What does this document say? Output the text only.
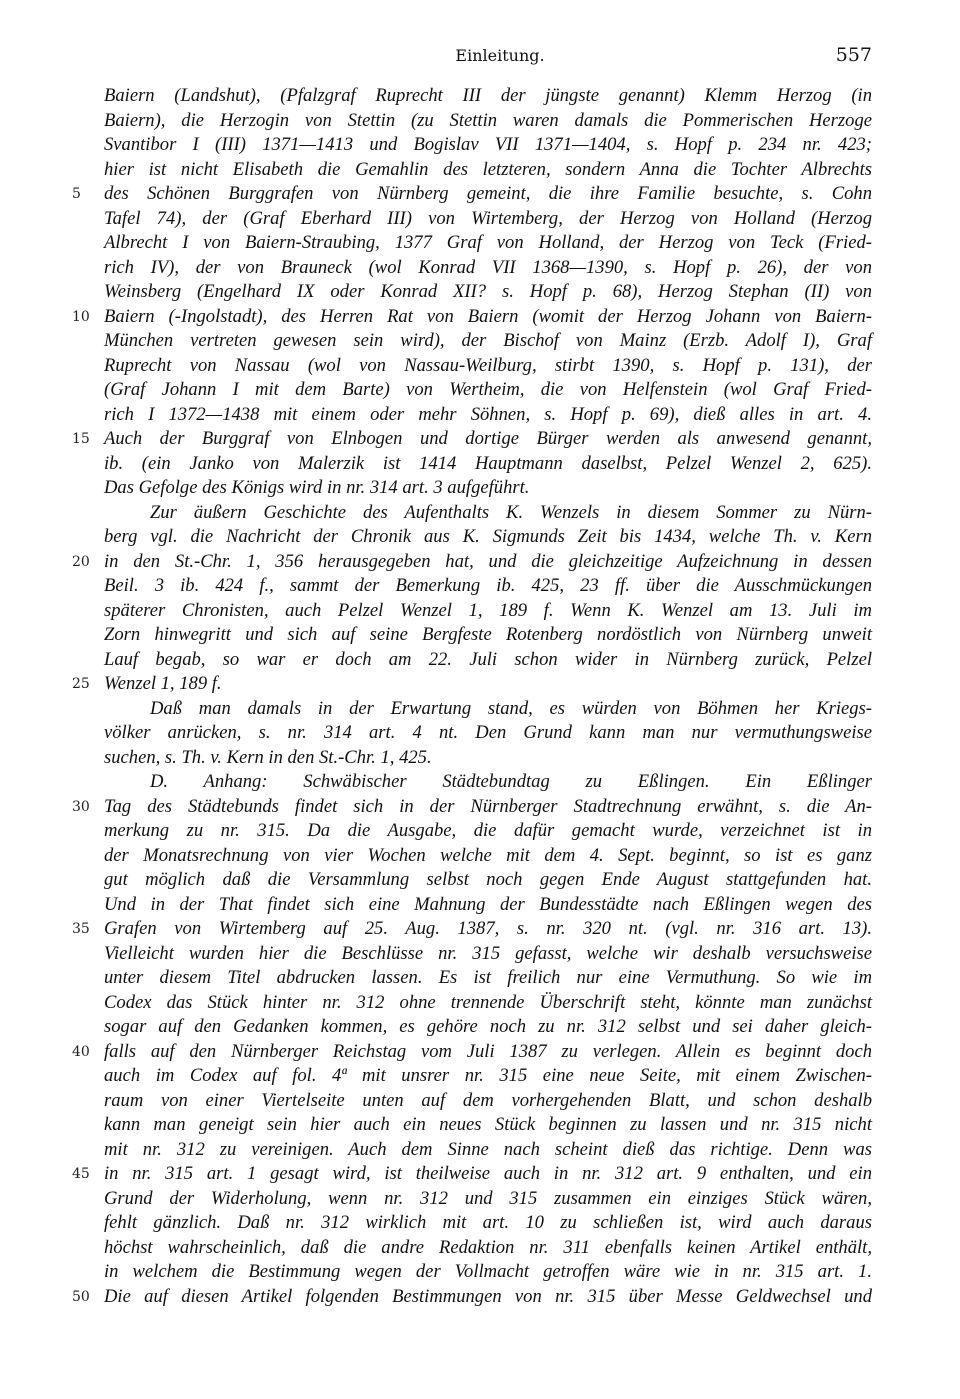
Einleitung.	557
Baiern (Landshut), (Pfalzgraf Ruprecht III der jüngste genannt) Klemm Herzog (in
Baiern), die Herzogin von Stettin (zu Stettin waren damals die Pommerischen Herzoge
Svantibor I (III) 1371—1413 und Bogislav VII 1371—1404, s. Hopf p. 234 nr. 423;
hier ist nicht Elisabeth die Gemahlin des letzteren, sondern Anna die Tochter Albrechts
5	des Schönen Burggrafen von Nürnberg gemeint, die ihre Familie besuchte, s. Cohn
Tafel 74), der (Graf Eberhard III) von Wirtemberg, der Herzog von Holland (Herzog
Albrecht I von Baiern-Straubing, 1377 Graf von Holland, der Herzog von Teck (Fried-
rich IV), der von Brauneck (wol Konrad VII 1368—1390, s. Hopf p. 26), der von
Weinsberg (Engelhard IX oder Konrad XII? s. Hopf p. 68), Herzog Stephan (II) von
10 Baiern (-Ingolstadt), des Herren Rat von Baiern (womit der Herzog Johann von Baiern-
München vertreten gewesen sein wird), der Bischof von Mainz (Erzb. Adolf I), Graf
Ruprecht von Nassau (wol von Nassau-Weilburg, stirbt 1390, s. Hopf p. 131), der
(Graf Johann I mit dem Barte) von Wertheim, die von Helfenstein (wol Graf Fried-
rich I 1372—1438 mit einem oder mehr Söhnen, s. Hopf p. 69), dieß alles in art. 4.
15 Auch der Burggraf von Elnbogen und dortige Bürger werden als anwesend genannt,
ib. (ein Janko von Malerzik ist 1414 Hauptmann daselbst, Pelzel Wenzel 2, 625).
Das Gefolge des Königs wird in nr. 314 art. 3 aufgeführt.
Zur äußern Geschichte des Aufenthalts K. Wenzels in diesem Sommer zu Nürn-
berg vgl. die Nachricht der Chronik aus K. Sigmunds Zeit bis 1434, welche Th. v. Kern
20 in den St.-Chr. 1, 356 herausgegeben hat, und die gleichzeitige Aufzeichnung in dessen
Beil. 3 ib. 424 f., sammt der Bemerkung ib. 425, 23 ff. über die Ausschmückungen
späterer Chronisten, auch Pelzel Wenzel 1, 189 f. Wenn K. Wenzel am 13. Juli im
Zorn hinwegritt und sich auf seine Bergfeste Rotenberg nordöstlich von Nürnberg unweit
Lauf begab, so war er doch am 22. Juli schon wider in Nürnberg zurück, Pelzel
25 Wenzel 1, 189 f.
Daß man damals in der Erwartung stand, es würden von Böhmen her Kriegs-
völker anrücken, s. nr. 314 art. 4 nt. Den Grund kann man nur vermuthungsweise
suchen, s. Th. v. Kern in den St.-Chr. 1, 425.
D. Anhang: Schwäbischer Städtebundtag zu Eßlingen. Ein Eßlinger
30 Tag des Städtebunds findet sich in der Nürnberger Stadtrechnung erwähnt, s. die An-
merkung zu nr. 315. Da die Ausgabe, die dafür gemacht wurde, verzeichnet ist in
der Monatsrechnung von vier Wochen welche mit dem 4. Sept. beginnt, so ist es ganz
gut möglich daß die Versammlung selbst noch gegen Ende August stattgefunden hat.
Und in der That findet sich eine Mahnung der Bundesstädte nach Eßlingen wegen des
35 Grafen von Wirtemberg auf 25. Aug. 1387, s. nr. 320 nt. (vgl. nr. 316 art. 13).
Vielleicht wurden hier die Beschlüsse nr. 315 gefasst, welche wir deshalb versuchsweise
unter diesem Titel abdrucken lassen. Es ist freilich nur eine Vermuthung. So wie im
Codex das Stück hinter nr. 312 ohne trennende Überschrift steht, könnte man zunächst
sogar auf den Gedanken kommen, es gehöre noch zu nr. 312 selbst und sei daher gleich-
40 falls auf den Nürnberger Reichstag vom Juli 1387 zu verlegen. Allein es beginnt doch
auch im Codex auf fol. 4ª mit unsrer nr. 315 eine neue Seite, mit einem Zwischen-
raum von einer Viertelseite unten auf dem vorhergehenden Blatt, und schon deshalb
kann man geneigt sein hier auch ein neues Stück beginnen zu lassen und nr. 315 nicht
mit nr. 312 zu vereinigen. Auch dem Sinne nach scheint dieß das richtige. Denn was
45 in nr. 315 art. 1 gesagt wird, ist theilweise auch in nr. 312 art. 9 enthalten, und ein
Grund der Widerholung, wenn nr. 312 und 315 zusammen ein einziges Stück wären,
fehlt gänzlich. Daß nr. 312 wirklich mit art. 10 zu schließen ist, wird auch daraus
höchst wahrscheinlich, daß die andre Redaktion nr. 311 ebenfalls keinen Artikel enthält,
in welchem die Bestimmung wegen der Vollmacht getroffen wäre wie in nr. 315 art. 1.
50 Die auf diesen Artikel folgenden Bestimmungen von nr. 315 über Messe Geldwechsel und
